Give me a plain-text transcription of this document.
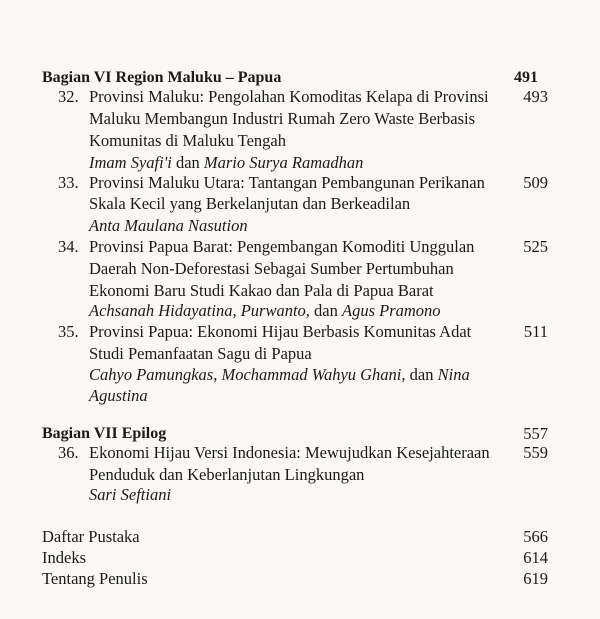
Bagian VI Region Maluku – Papua	491
32. Provinsi Maluku: Pengolahan Komoditas Kelapa di Provinsi 493
Maluku Membangun Industri Rumah Zero Waste Berbasis
Komunitas di Maluku Tengah
Imam Syafi'i dan Mario Surya Ramadhan
33. Provinsi Maluku Utara: Tantangan Pembangunan Perikanan 509
Skala Kecil yang Berkelanjutan dan Berkeadilan
Anta Maulana Nasution
34. Provinsi Papua Barat: Pengembangan Komoditi Unggulan	525
Daerah Non-Deforestasi Sebagai Sumber Pertumbuhan
Ekonomi Baru Studi Kakao dan Pala di Papua Barat
Achsanah Hidayatina, Purwanto, dan Agus Pramono
35. Provinsi Papua: Ekonomi Hijau Berbasis Komunitas Adat	511
Studi Pemanfaatan Sagu di Papua
Cahyo Pamungkas, Mochammad Wahyu Ghani, dan Nina
Agustina
Bagian VII Epilog	557
36. Ekonomi Hijau Versi Indonesia: Mewujudkan Kesejahteraan 559
Penduduk dan Keberlanjutan Lingkungan
Sari Seftiani
Daftar Pustaka	566
Indeks	614
Tentang Penulis	619
